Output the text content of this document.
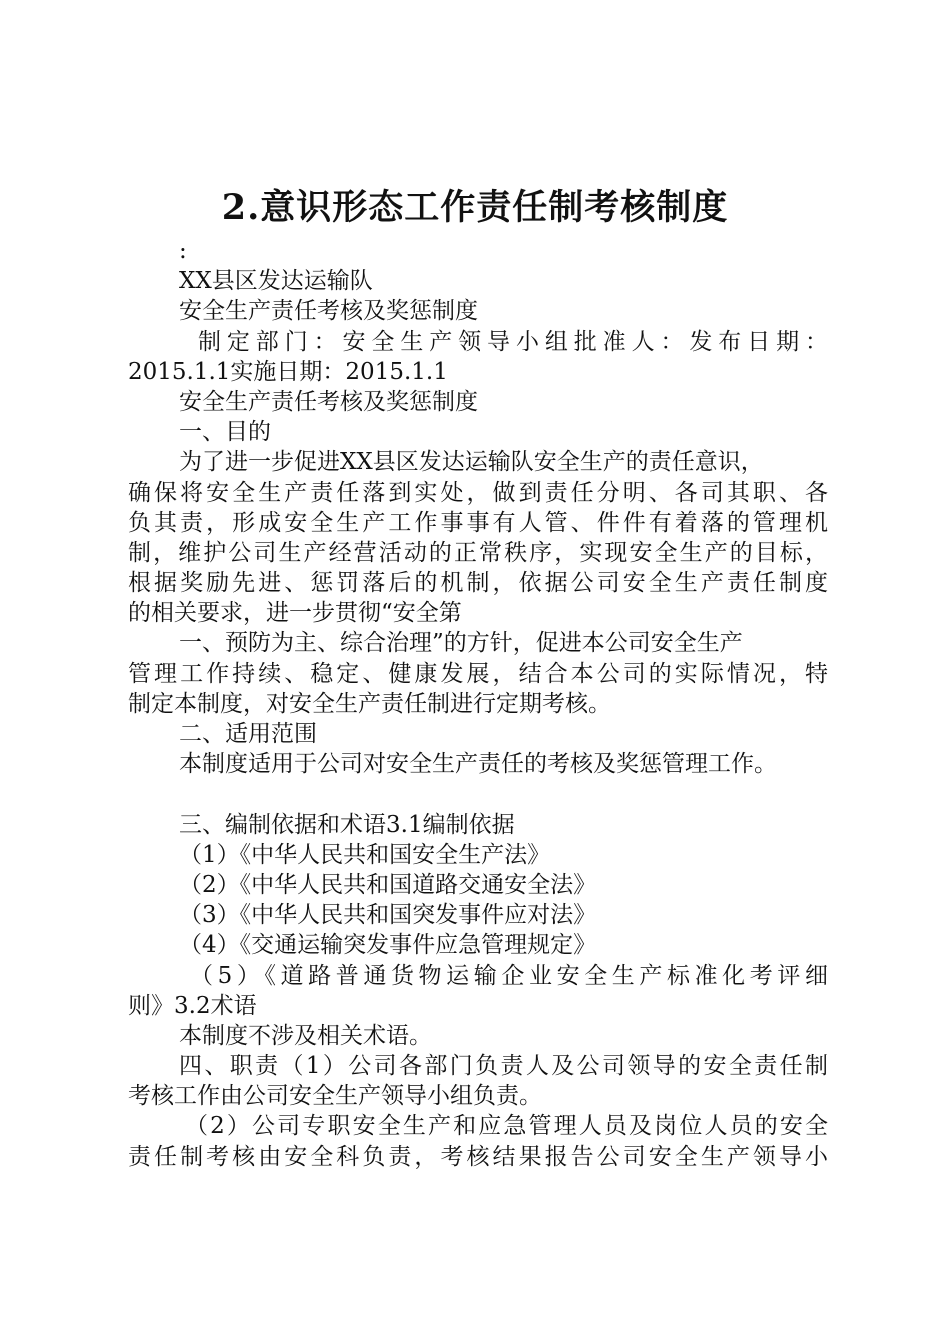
2.意识形态工作责任制考核制度
:
XX县区发达运输队
安全生产责任考核及奖惩制度
制定部门：安全生产领导小组批准人：发布日期：
2015.1.1实施日期：2015.1.1
安全生产责任考核及奖惩制度
一、目的
为了进一步促进XX县区发达运输队安全生产的责任意识，
确保将安全生产责任落到实处，做到责任分明、各司其职、各
负其责，形成安全生产工作事事有人管、件件有着落的管理机
制，维护公司生产经营活动的正常秩序，实现安全生产的目标，
根据奖励先进、惩罚落后的机制，依据公司安全生产责任制度
的相关要求，进一步贯彻“安全第
一、预防为主、综合治理”的方针，促进本公司安全生产
管理工作持续、稳定、健康发展，结合本公司的实际情况，特
制定本制度，对安全生产责任制进行定期考核。
二、适用范围
本制度适用于公司对安全生产责任的考核及奖惩管理工作。
三、编制依据和术语3.1编制依据
（1）《中华人民共和国安全生产法》
（2）《中华人民共和国道路交通安全法》
（3）《中华人民共和国突发事件应对法》
（4）《交通运输突发事件应急管理规定》
（5）《道路普通货物运输企业安全生产标准化考评细
则》3.2术语
本制度不涉及相关术语。
四、职责（1）公司各部门负责人及公司领导的安全责任制
考核工作由公司安全生产领导小组负责。
（2）公司专职安全生产和应急管理人员及岗位人员的安全
责任制考核由安全科负责，考核结果报告公司安全生产领导小
